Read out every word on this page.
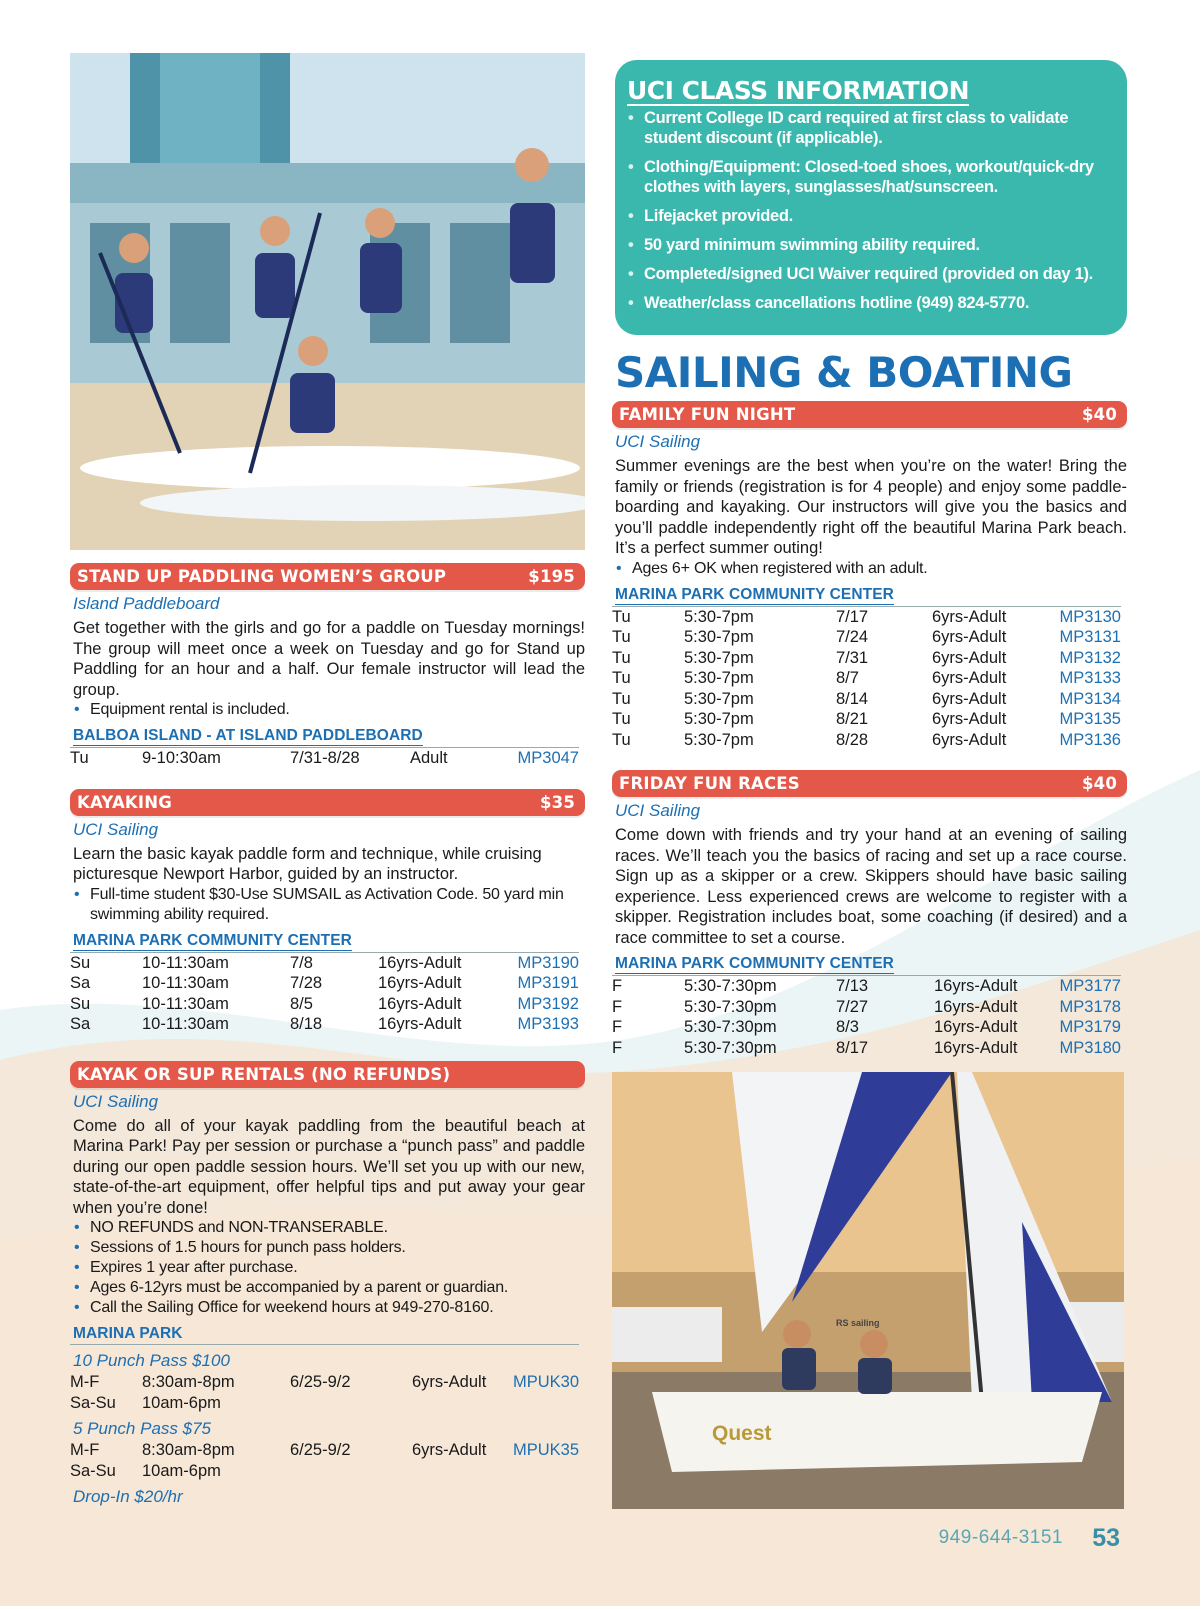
STAND UP PADDLING WOMEN’S GROUP	$195
Island Paddleboard

Get together with the girls and go for a paddle on Tuesday mornings! The group will meet once a week on Tuesday and go for Stand up Paddling for an hour and a half. Our female instructor will lead the group.

• Equipment rental is included.
BALBOA ISLAND - AT ISLAND PADDLEBOARD
Tu	9-10:30am	7/31-8/28	Adult	MP3047
KAYAKING	$35
UCI Sailing

Learn the basic kayak paddle form and technique, while cruising picturesque Newport Harbor, guided by an instructor.

• Full-time student $30-Use SUMSAIL as Activation Code. 50 yard min swimming ability required.
MARINA PARK COMMUNITY CENTER
Su	10-11:30am	7/8	16yrs-Adult	MP3190
Sa	10-11:30am	7/28	16yrs-Adult	MP3191
Su	10-11:30am	8/5	16yrs-Adult	MP3192
Sa	10-11:30am	8/18	16yrs-Adult	MP3193
KAYAK OR SUP RENTALS (NO REFUNDS)
UCI Sailing

Come do all of your kayak paddling from the beautiful beach at Marina Park! Pay per session or purchase a “punch pass” and paddle during our open paddle session hours. We’ll set you up with our new, state-of-the-art equipment, offer helpful tips and put away your gear when you’re done!

• NO REFUNDS and NON-TRANSERABLE.
• Sessions of 1.5 hours for punch pass holders.
• Expires 1 year after purchase.
• Ages 6-12yrs must be accompanied by a parent or guardian.
• Call the Sailing Office for weekend hours at 949-270-8160.
MARINA PARK
10 Punch Pass $100
M-F	8:30am-8pm	6/25-9/2	6yrs-Adult	MPUK30
Sa-Su	10am-6pm			
5 Punch Pass $75
M-F	8:30am-8pm	6/25-9/2	6yrs-Adult	MPUK35
Sa-Su	10am-6pm			
Drop-In $20/hr
UCI CLASS INFORMATION
• Current College ID card required at first class to validate student discount (if applicable).
• Clothing/Equipment: Closed-toed shoes, workout/quick-dry clothes with layers, sunglasses/hat/sunscreen.
• Lifejacket provided.
• 50 yard minimum swimming ability required.
• Completed/signed UCI Waiver required (provided on day 1).
• Weather/class cancellations hotline (949) 824-5770.
SAILING & BOATING
FAMILY FUN NIGHT	$40
UCI Sailing

Summer evenings are the best when you’re on the water! Bring the family or friends (registration is for 4 people) and enjoy some paddle-boarding and kayaking. Our instructors will give you the basics and you’ll paddle independently right off the beautiful Marina Park beach. It’s a perfect summer outing!

• Ages 6+ OK when registered with an adult.
MARINA PARK COMMUNITY CENTER
Tu	5:30-7pm	7/17	6yrs-Adult	MP3130
Tu	5:30-7pm	7/24	6yrs-Adult	MP3131
Tu	5:30-7pm	7/31	6yrs-Adult	MP3132
Tu	5:30-7pm	8/7	6yrs-Adult	MP3133
Tu	5:30-7pm	8/14	6yrs-Adult	MP3134
Tu	5:30-7pm	8/21	6yrs-Adult	MP3135
Tu	5:30-7pm	8/28	6yrs-Adult	MP3136
FRIDAY FUN RACES	$40
UCI Sailing

Come down with friends and try your hand at an evening of sailing races. We’ll teach you the basics of racing and set up a race course. Sign up as a skipper or a crew. Skippers should have basic sailing experience. Less experienced crews are welcome to register with a skipper. Registration includes boat, some coaching (if desired) and a race committee to set a course.

MARINA PARK COMMUNITY CENTER
F	5:30-7:30pm	7/13	16yrs-Adult	MP3177
F	5:30-7:30pm	7/27	16yrs-Adult	MP3178
F	5:30-7:30pm	8/3	16yrs-Adult	MP3179
F	5:30-7:30pm	8/17	16yrs-Adult	MP3180
RS sailing
Quest
949-644-3151 53
